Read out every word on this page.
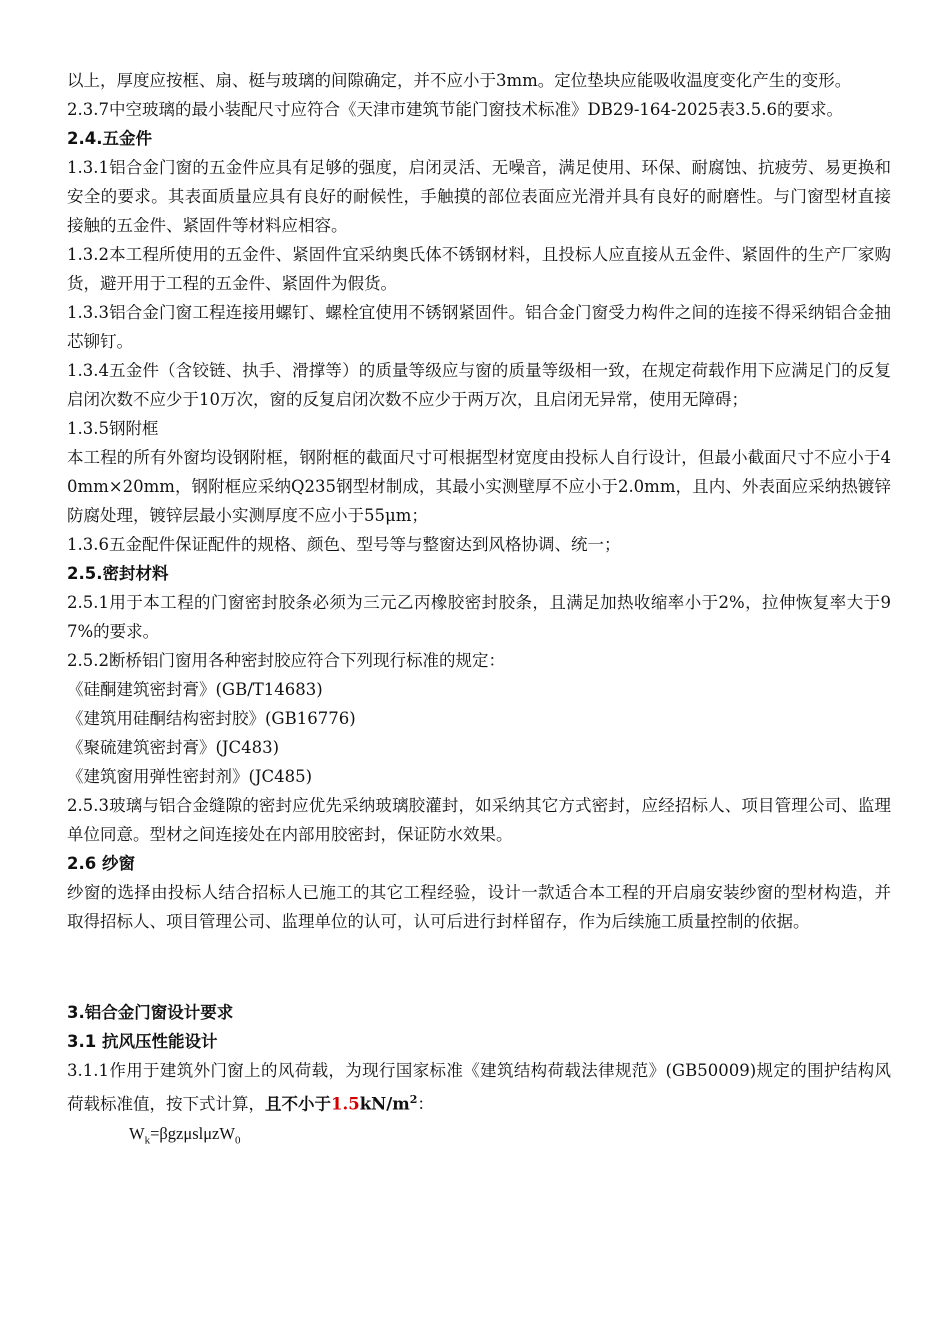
以上，厚度应按框、扇、梃与玻璃的间隙确定，并不应小于3mm。定位垫块应能吸收温度变化产生的变形。

2.3.7中空玻璃的最小装配尺寸应符合《天津市建筑节能门窗技术标准》DB29-164-2025表3.5.6的要求。

2.4.五金件

1.3.1铝合金门窗的五金件应具有足够的强度，启闭灵活、无噪音，满足使用、环保、耐腐蚀、抗疲劳、易更换和安全的要求。其表面质量应具有良好的耐候性，手触摸的部位表面应光滑并具有良好的耐磨性。与门窗型材直接接触的五金件、紧固件等材料应相容。

1.3.2本工程所使用的五金件、紧固件宜采纳奥氏体不锈钢材料，且投标人应直接从五金件、紧固件的生产厂家购货，避开用于工程的五金件、紧固件为假货。

1.3.3铝合金门窗工程连接用螺钉、螺栓宜使用不锈钢紧固件。铝合金门窗受力构件之间的连接不得采纳铝合金抽芯铆钉。

1.3.4五金件（含铰链、执手、滑撑等）的质量等级应与窗的质量等级相一致，在规定荷载作用下应满足门的反复启闭次数不应少于10万次，窗的反复启闭次数不应少于两万次，且启闭无异常，使用无障碍；

1.3.5钢附框

本工程的所有外窗均设钢附框，钢附框的截面尺寸可根据型材宽度由投标人自行设计，但最小截面尺寸不应小于40mm×20mm，钢附框应采纳Q235钢型材制成，其最小实测壁厚不应小于2.0mm，且内、外表面应采纳热镀锌防腐处理，镀锌层最小实测厚度不应小于55μm；

1.3.6五金配件保证配件的规格、颜色、型号等与整窗达到风格协调、统一；

2.5.密封材料

2.5.1用于本工程的门窗密封胶条必须为三元乙丙橡胶密封胶条，且满足加热收缩率小于2%，拉伸恢复率大于97%的要求。

2.5.2断桥铝门窗用各种密封胶应符合下列现行标准的规定：

《硅酮建筑密封膏》(GB/T14683)

《建筑用硅酮结构密封胶》(GB16776)

《聚硫建筑密封膏》(JC483)

《建筑窗用弹性密封剂》(JC485)

2.5.3玻璃与铝合金缝隙的密封应优先采纳玻璃胶灌封，如采纳其它方式密封，应经招标人、项目管理公司、监理单位同意。型材之间连接处在内部用胶密封，保证防水效果。

2.6 纱窗

纱窗的选择由投标人结合招标人已施工的其它工程经验，设计一款适合本工程的开启扇安装纱窗的型材构造，并取得招标人、项目管理公司、监理单位的认可，认可后进行封样留存，作为后续施工质量控制的依据。

3.铝合金门窗设计要求

3.1 抗风压性能设计

3.1.1作用于建筑外门窗上的风荷载，为现行国家标准《建筑结构荷载法律规范》(GB50009)规定的围护结构风荷载标准值，按下式计算，且不小于$1.5kN/m^2$：

$W_k=\beta gz\mu sl\mu zW_0$
